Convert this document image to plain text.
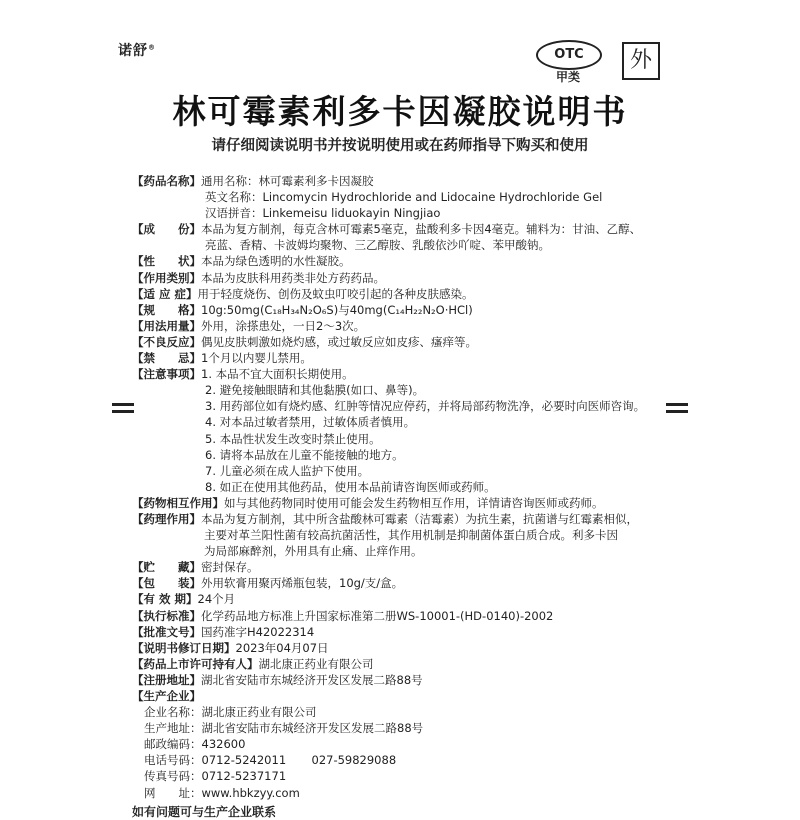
诺舒®	OTC
甲类
外
林可霉素利多卡因凝胶说明书
请仔细阅读说明书并按说明使用或在药师指导下购买和使用
【药品名称】 通用名称： 林可霉素利多卡因凝胶
英文名称： Lincomycin Hydrochloride and Lidocaine Hydrochloride Gel
汉语拼音： Linkemeisu liduokayin Ningjiao
【成　　份】 本品为复方制剂，每克含林可霉素5毫克，盐酸利多卡因4毫克。辅料为：甘油、乙醇、
亮蓝、香精、卡波姆均聚物、三乙醇胺、乳酸依沙吖啶、苯甲酸钠。
【性　　状】 本品为绿色透明的水性凝胶。
【作用类别】 本品为皮肤科用药类非处方药药品。
【适 应 症】 用于轻度烧伤、创伤及蚊虫叮咬引起的各种皮肤感染。
【规　　格】 10g:50mg(C₁₈H₃₄N₂O₆S)与40mg(C₁₄H₂₂N₂O·HCl)
【用法用量】 外用，涂搽患处，一日2～3次。
【不良反应】 偶见皮肤刺激如烧灼感，或过敏反应如皮疹、瘙痒等。
【禁　　忌】 1个月以内婴儿禁用。
【注意事项】 1. 本品不宜大面积长期使用。
2. 避免接触眼睛和其他黏膜(如口、鼻等)。
3. 用药部位如有烧灼感、红肿等情况应停药，并将局部药物洗净，必要时向医师咨询。
4. 对本品过敏者禁用，过敏体质者慎用。
5. 本品性状发生改变时禁止使用。
6. 请将本品放在儿童不能接触的地方。
7. 儿童必须在成人监护下使用。
8. 如正在使用其他药品，使用本品前请咨询医师或药师。
【药物相互作用】 如与其他药物同时使用可能会发生药物相互作用，详情请咨询医师或药师。
【药理作用】 本品为复方制剂，其中所含盐酸林可霉素（洁霉素）为抗生素，抗菌谱与红霉素相似，
主要对革兰阳性菌有较高抗菌活性，其作用机制是抑制菌体蛋白质合成。利多卡因
为局部麻醉剂，外用具有止痛、止痒作用。
【贮　　藏】 密封保存。
【包　　装】 外用软膏用聚丙烯瓶包装，10g/支/盒。
【有 效 期】 24个月
【执行标准】 化学药品地方标准上升国家标准第二册WS-10001-(HD-0140)-2002
【批准文号】 国药准字H42022314
【说明书修订日期】 2023年04月07日
【药品上市许可持有人】 湖北康正药业有限公司
【注册地址】 湖北省安陆市东城经济开发区发展二路88号
【生产企业】
企业名称： 湖北康正药业有限公司
生产地址： 湖北省安陆市东城经济开发区发展二路88号
邮政编码： 432600
电话号码： 0712-5242011	027-59829088
传真号码： 0712-5237171
网　　址： www.hbkzyy.com
如有问题可与生产企业联系
